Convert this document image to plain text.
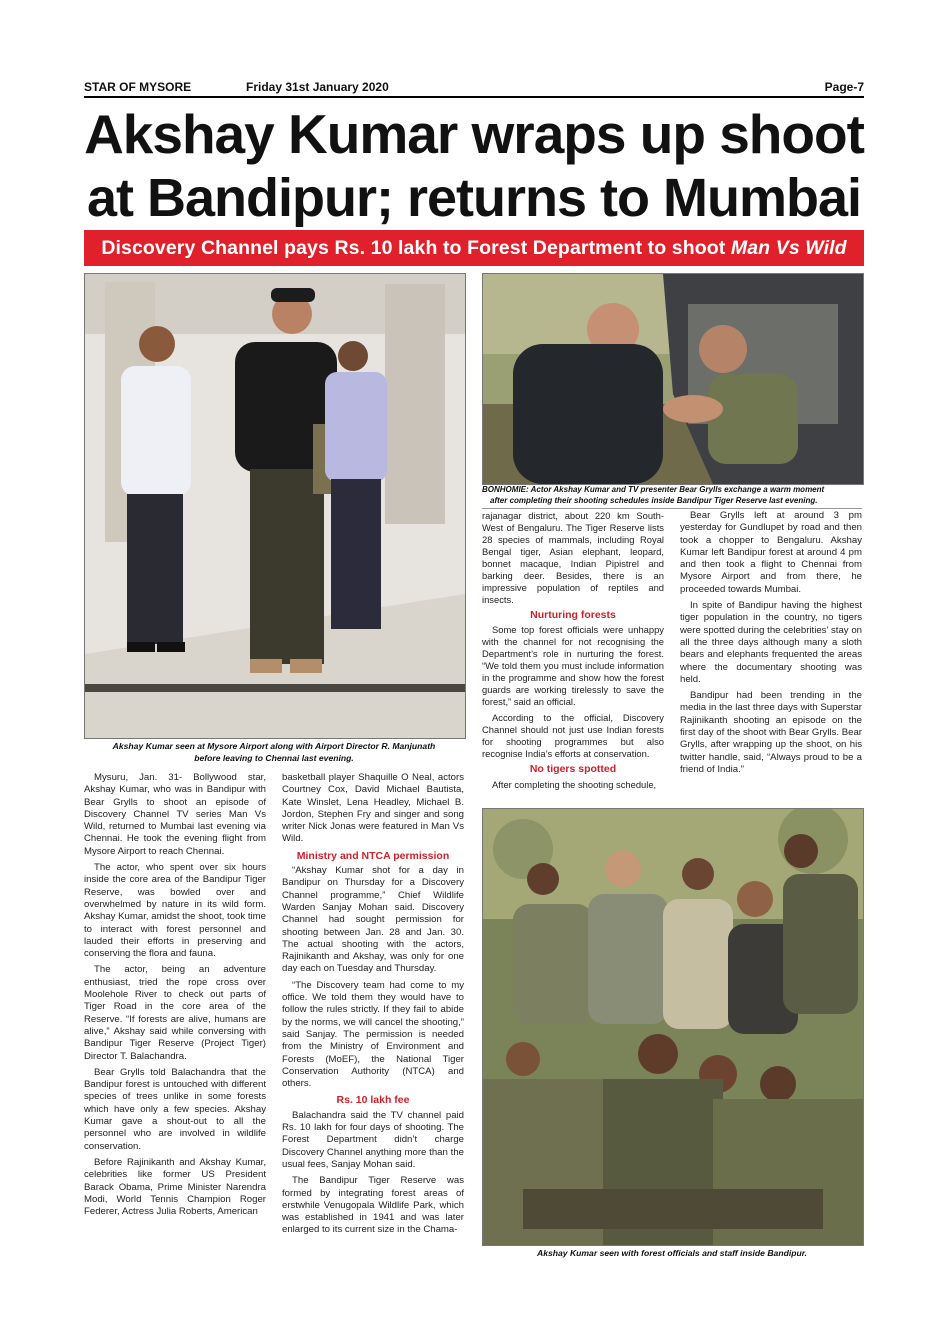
STAR OF MYSORE	Friday 31st January 2020	Page-7
Akshay Kumar wraps up shoot
at Bandipur; returns to Mumbai
Discovery Channel pays Rs. 10 lakh to Forest Department to shoot Man Vs Wild
Akshay Kumar seen at Mysore Airport along with Airport Director R. Manjunath
before leaving to Chennai last evening.
BONHOMIE: Actor Akshay Kumar and TV presenter Bear Grylls exchange a warm moment
after completing their shooting schedules inside Bandipur Tiger Reserve last evening.

Mysuru, Jan. 31- Bollywood star, Akshay Kumar, who was in Bandipur with Bear Grylls to shoot an episode of Discovery Channel TV series Man Vs Wild, returned to Mumbai last evening via Chennai. He took the evening flight from Mysore Airport to reach Chennai.

The actor, who spent over six hours inside the core area of the Bandipur Tiger Reserve, was bowled over and overwhelmed by nature in its wild form. Akshay Kumar, amidst the shoot, took time to interact with forest personnel and lauded their efforts in preserving and conserving the flora and fauna.

The actor, being an adventure enthusiast, tried the rope cross over Moolehole River to check out parts of Tiger Road in the core area of the Reserve. “If forests are alive, humans are alive,” Akshay said while conversing with Bandipur Tiger Reserve (Project Tiger) Director T. Balachandra.

Bear Grylls told Balachandra that the Bandipur forest is untouched with different species of trees unlike in some forests which have only a few species. Akshay Kumar gave a shout-out to all the personnel who are involved in wildlife conservation.

Before Rajinikanth and Akshay Kumar, celebrities like former US President Barack Obama, Prime Minister Narendra Modi, World Tennis Champion Roger Federer, Actress Julia Roberts, American

basketball player Shaquille O Neal, actors Courtney Cox, David Michael Bautista, Kate Winslet, Lena Headley, Michael B. Jordon, Stephen Fry and singer and song writer Nick Jonas were featured in Man Vs Wild.

Ministry and NTCA permission

“Akshay Kumar shot for a day in Bandipur on Thursday for a Discovery Channel programme,” Chief Wildlife Warden Sanjay Mohan said. Discovery Channel had sought permission for shooting between Jan. 28 and Jan. 30. The actual shooting with the actors, Rajinikanth and Akshay, was only for one day each on Tuesday and Thursday.

“The Discovery team had come to my office. We told them they would have to follow the rules strictly. If they fail to abide by the norms, we will cancel the shooting,” said Sanjay. The permission is needed from the Ministry of Environment and Forests (MoEF), the National Tiger Conservation Authority (NTCA) and others.

Rs. 10 lakh fee

Balachandra said the TV channel paid Rs. 10 lakh for four days of shooting. The Forest Department didn’t charge Discovery Channel anything more than the usual fees, Sanjay Mohan said.

The Bandipur Tiger Reserve was formed by integrating forest areas of erstwhile Venugopala Wildlife Park, which was established in 1941 and was later enlarged to its current size in the Chama-

rajanagar district, about 220 km South-West of Bengaluru. The Tiger Reserve lists 28 species of mammals, including Royal Bengal tiger, Asian elephant, leopard, bonnet macaque, Indian Pipistrel and barking deer. Besides, there is an impressive population of reptiles and insects.

Nurturing forests

Some top forest officials were unhappy with the channel for not recognising the Department’s role in nurturing the forest. “We told them you must include information in the programme and show how the forest guards are working tirelessly to save the forest,” said an official.

According to the official, Discovery Channel should not just use Indian forests for shooting programmes but also recognise India’s efforts at conservation.

No tigers spotted

After completing the shooting schedule,

Bear Grylls left at around 3 pm yesterday for Gundlupet by road and then took a chopper to Bengaluru. Akshay Kumar left Bandipur forest at around 4 pm and then took a flight to Chennai from Mysore Airport and from there, he proceeded towards Mumbai.

In spite of Bandipur having the highest tiger population in the country, no tigers were spotted during the celebrities’ stay on all the three days although many a sloth bears and elephants frequented the areas where the documentary shooting was held.

Bandipur had been trending in the media in the last three days with Superstar Rajinikanth shooting an episode on the first day of the shoot with Bear Grylls. Bear Grylls, after wrapping up the shoot, on his twitter handle, said, “Always proud to be a friend of India.”

Akshay Kumar seen with forest officials and staff inside Bandipur.
